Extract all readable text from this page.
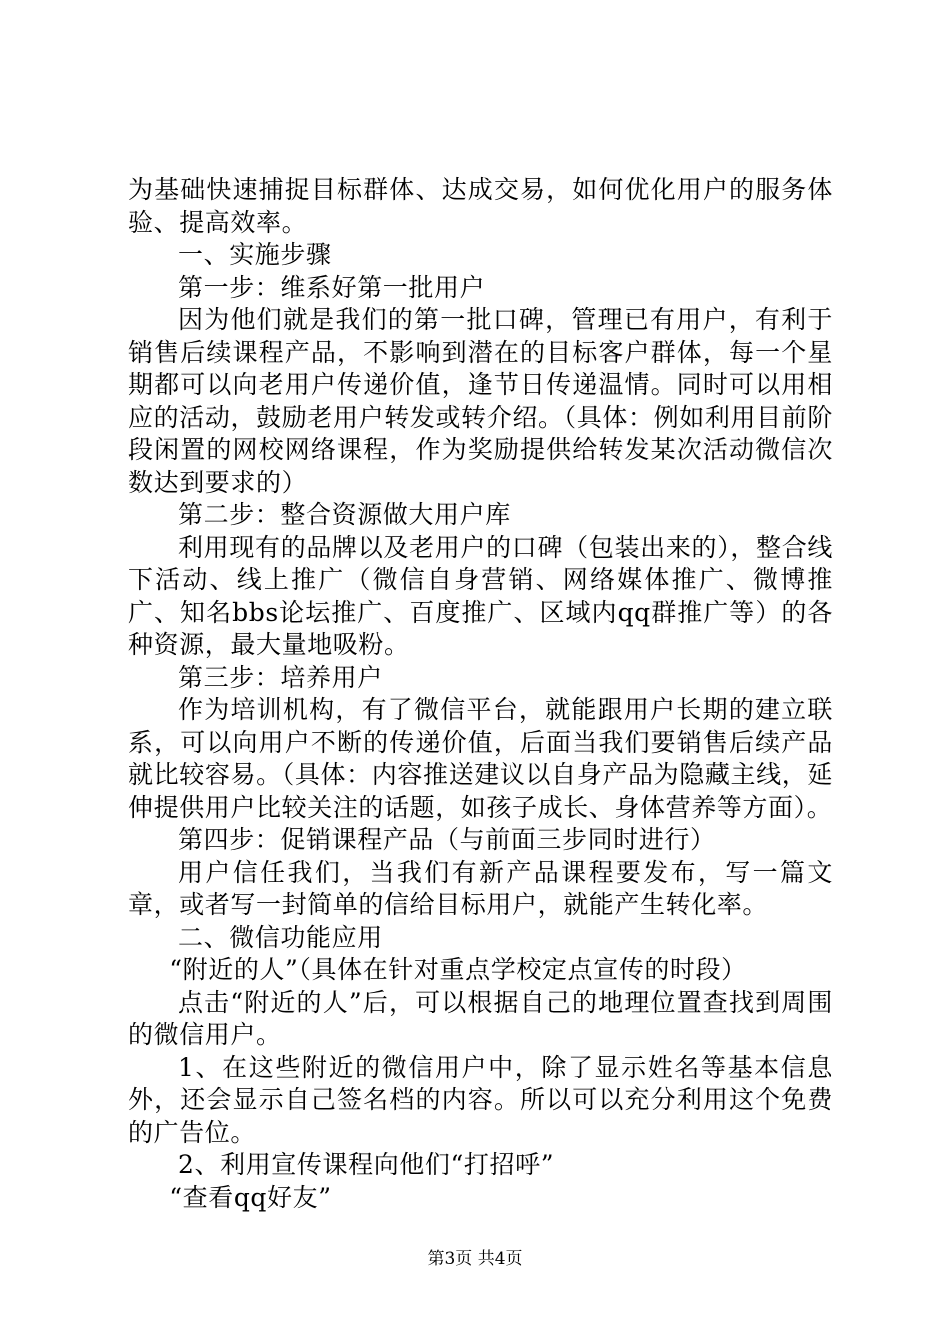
为基础快速捕捉目标群体、达成交易，如何优化用户的服务体验、提高效率。

一、实施步骤

第一步：维系好第一批用户

因为他们就是我们的第一批口碑，管理已有用户，有利于销售后续课程产品，不影响到潜在的目标客户群体，每一个星期都可以向老用户传递价值，逢节日传递温情。同时可以用相应的活动，鼓励老用户转发或转介绍。（具体：例如利用目前阶段闲置的网校网络课程，作为奖励提供给转发某次活动微信次数达到要求的）

第二步：整合资源做大用户库

利用现有的品牌以及老用户的口碑（包装出来的），整合线下活动、线上推广（微信自身营销、网络媒体推广、微博推广、知名bbs论坛推广、百度推广、区域内qq群推广等）的各种资源，最大量地吸粉。

第三步：培养用户

作为培训机构，有了微信平台，就能跟用户长期的建立联系，可以向用户不断的传递价值，后面当我们要销售后续产品就比较容易。（具体：内容推送建议以自身产品为隐藏主线，延伸提供用户比较关注的话题，如孩子成长、身体营养等方面）。

第四步：促销课程产品（与前面三步同时进行）

用户信任我们，当我们有新产品课程要发布，写一篇文章，或者写一封简单的信给目标用户，就能产生转化率。

二、微信功能应用

“附近的人”（具体在针对重点学校定点宣传的时段）

点击“附近的人”后，可以根据自己的地理位置查找到周围的微信用户。

1、在这些附近的微信用户中，除了显示姓名等基本信息外，还会显示自己签名档的内容。所以可以充分利用这个免费的广告位。

2、利用宣传课程向他们“打招呼”

“查看qq好友”

第3页 共4页
